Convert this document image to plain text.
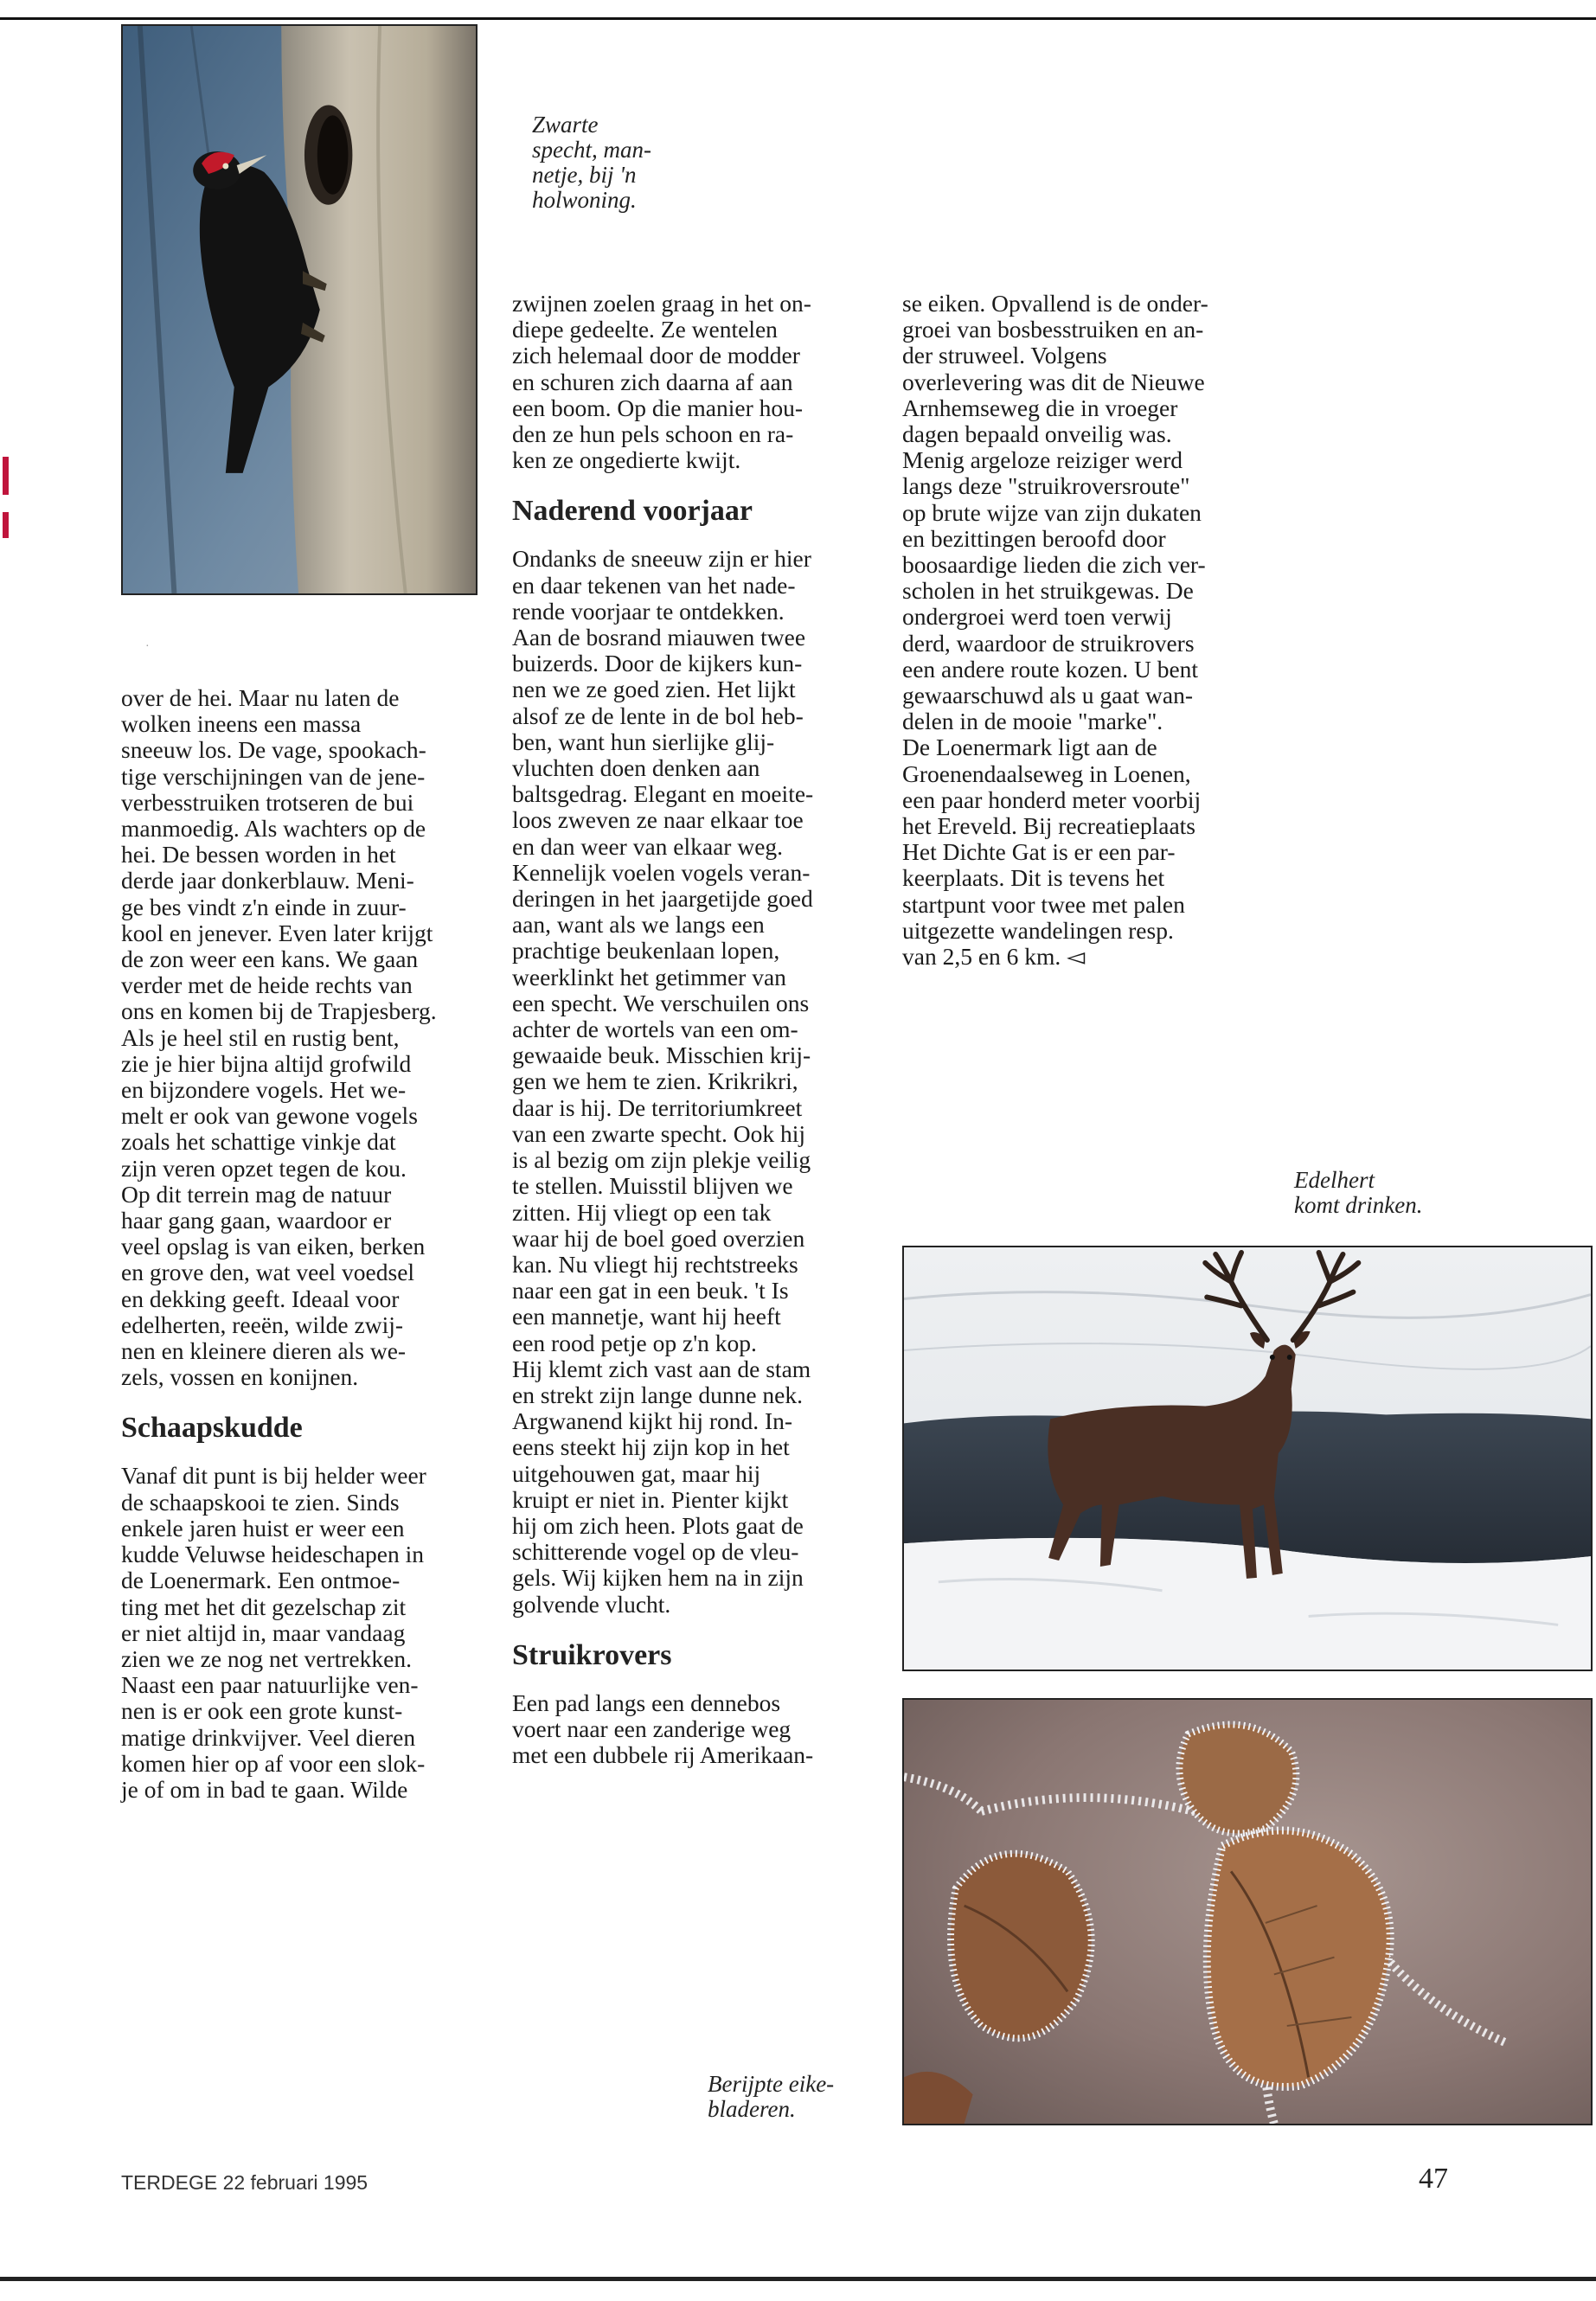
Zwarte
specht, man-
netje, bij 'n
holwoning.

·

over de hei. Maar nu laten de
wolken ineens een massa
sneeuw los. De vage, spookach-
tige verschijningen van de jene-
verbesstruiken trotseren de bui
manmoedig. Als wachters op de
hei. De bessen worden in het
derde jaar donkerblauw. Meni-
ge bes vindt z'n einde in zuur-
kool en jenever. Even later krijgt
de zon weer een kans. We gaan
verder met de heide rechts van
ons en komen bij de Trapjesberg.
Als je heel stil en rustig bent,
zie je hier bijna altijd grofwild
en bijzondere vogels. Het we-
melt er ook van gewone vogels
zoals het schattige vinkje dat
zijn veren opzet tegen de kou.
Op dit terrein mag de natuur
haar gang gaan, waardoor er
veel opslag is van eiken, berken
en grove den, wat veel voedsel
en dekking geeft. Ideaal voor
edelherten, reeën, wilde zwij-
nen en kleinere dieren als we-
zels, vossen en konijnen.

Schaapskudde

Vanaf dit punt is bij helder weer
de schaapskooi te zien. Sinds
enkele jaren huist er weer een
kudde Veluwse heideschapen in
de Loenermark. Een ontmoe-
ting met het dit gezelschap zit
er niet altijd in, maar vandaag
zien we ze nog net vertrekken.
Naast een paar natuurlijke ven-
nen is er ook een grote kunst-
matige drinkvijver. Veel dieren
komen hier op af voor een slok-
je of om in bad te gaan. Wilde

zwijnen zoelen graag in het on-
diepe gedeelte. Ze wentelen
zich helemaal door de modder
en schuren zich daarna af aan
een boom. Op die manier hou-
den ze hun pels schoon en ra-
ken ze ongedierte kwijt.

Naderend voorjaar

Ondanks de sneeuw zijn er hier
en daar tekenen van het nade-
rende voorjaar te ontdekken.
Aan de bosrand miauwen twee
buizerds. Door de kijkers kun-
nen we ze goed zien. Het lijkt
alsof ze de lente in de bol heb-
ben, want hun sierlijke glij-
vluchten doen denken aan
baltsgedrag. Elegant en moeite-
loos zweven ze naar elkaar toe
en dan weer van elkaar weg.
Kennelijk voelen vogels veran-
deringen in het jaargetijde goed
aan, want als we langs een
prachtige beukenlaan lopen,
weerklinkt het getimmer van
een specht. We verschuilen ons
achter de wortels van een om-
gewaaide beuk. Misschien krij-
gen we hem te zien. Krikrikri,
daar is hij. De territoriumkreet
van een zwarte specht. Ook hij
is al bezig om zijn plekje veilig
te stellen. Muisstil blijven we
zitten. Hij vliegt op een tak
waar hij de boel goed overzien
kan. Nu vliegt hij rechtstreeks
naar een gat in een beuk. 't Is
een mannetje, want hij heeft
een rood petje op z'n kop.
Hij klemt zich vast aan de stam
en strekt zijn lange dunne nek.
Argwanend kijkt hij rond. In-
eens steekt hij zijn kop in het
uitgehouwen gat, maar hij
kruipt er niet in. Pienter kijkt
hij om zich heen. Plots gaat de
schitterende vogel op de vleu-
gels. Wij kijken hem na in zijn
golvende vlucht.

Struikrovers

Een pad langs een dennebos
voert naar een zanderige weg
met een dubbele rij Amerikaan-

se eiken. Opvallend is de onder-
groei van bosbesstruiken en an-
der struweel. Volgens
overlevering was dit de Nieuwe
Arnhemseweg die in vroeger
dagen bepaald onveilig was.
Menig argeloze reiziger werd
langs deze "struikroversroute"
op brute wijze van zijn dukaten
en bezittingen beroofd door
boosaardige lieden die zich ver-
scholen in het struikgewas. De
ondergroei werd toen verwij
derd, waardoor de struikrovers
een andere route kozen. U bent
gewaarschuwd als u gaat wan-
delen in de mooie "marke".
De Loenermark ligt aan de
Groenendaalseweg in Loenen,
een paar honderd meter voorbij
het Ereveld. Bij recreatieplaats
Het Dichte Gat is er een par-
keerplaats. Dit is tevens het
startpunt voor twee met palen
uitgezette wandelingen resp.
van 2,5 en 6 km. ◅

Edelhert
komt drinken.

Berijpte eike-
bladeren.

TERDEGE 22 februari 1995	47
